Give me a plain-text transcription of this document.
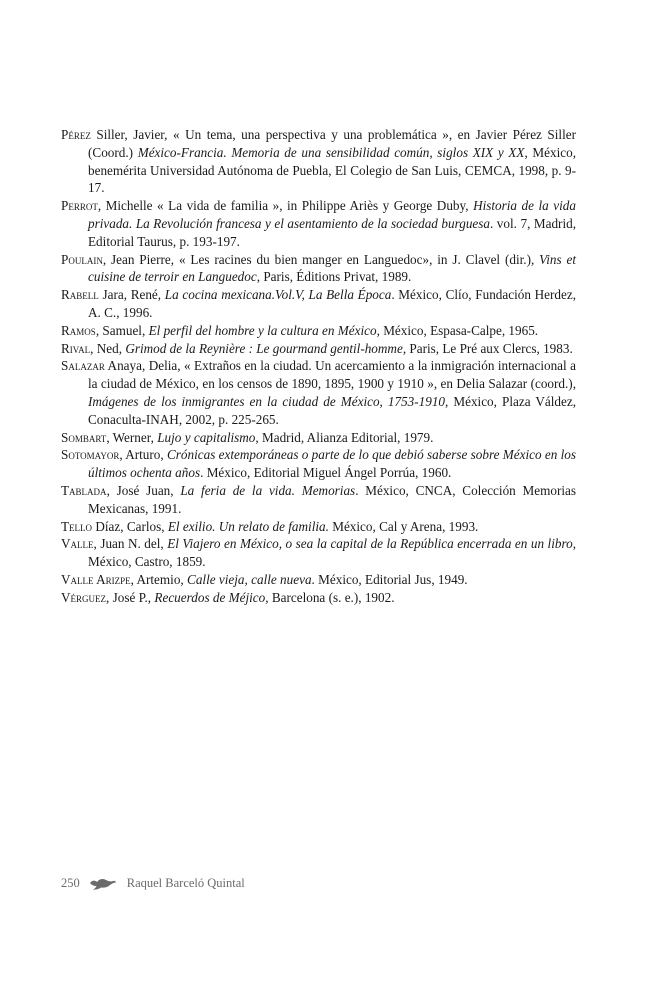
Pérez Siller, Javier, « Un tema, una perspectiva y una problemática », en Javier Pérez Siller (Coord.) México-Francia. Memoria de una sensibilidad común, siglos XIX y XX, México, benemérita Universidad Autónoma de Puebla, El Colegio de San Luis, CEMCA, 1998, p. 9-17.

Perrot, Michelle « La vida de familia », in Philippe Ariès y George Duby, Historia de la vida privada. La Revolución francesa y el asentamiento de la sociedad burguesa. vol. 7, Madrid, Editorial Taurus, p. 193-197.

Poulain, Jean Pierre, « Les racines du bien manger en Languedoc», in J. Clavel (dir.), Vins et cuisine de terroir en Languedoc, Paris, Éditions Privat, 1989.

Rabell Jara, René, La cocina mexicana.Vol.V, La Bella Época. México, Clío, Fundación Herdez, A. C., 1996.

Ramos, Samuel, El perfil del hombre y la cultura en México, México, Espasa-Calpe, 1965.

Rival, Ned, Grimod de la Reynière : Le gourmand gentil-homme, Paris, Le Pré aux Clercs, 1983.

Salazar Anaya, Delia, « Extraños en la ciudad. Un acercamiento a la inmigración internacional a la ciudad de México, en los censos de 1890, 1895, 1900 y 1910 », en Delia Salazar (coord.), Imágenes de los inmigrantes en la ciudad de México, 1753-1910, México, Plaza Váldez, Conaculta-INAH, 2002, p. 225-265.

Sombart, Werner, Lujo y capitalismo, Madrid, Alianza Editorial, 1979.

Sotomayor, Arturo, Crónicas extemporáneas o parte de lo que debió saberse sobre México en los últimos ochenta años. México, Editorial Miguel Ángel Porrúa, 1960.

Tablada, José Juan, La feria de la vida. Memorias. México, CNCA, Colección Memorias Mexicanas, 1991.

Tello Díaz, Carlos, El exilio. Un relato de familia. México, Cal y Arena, 1993.

Valle, Juan N. del, El Viajero en México, o sea la capital de la República encerrada en un libro, México, Castro, 1859.

Valle Arizpe, Artemio, Calle vieja, calle nueva. México, Editorial Jus, 1949.

Vérguez, José P., Recuerdos de Méjico, Barcelona (s. e.), 1902.

250	Raquel Barceló Quintal
